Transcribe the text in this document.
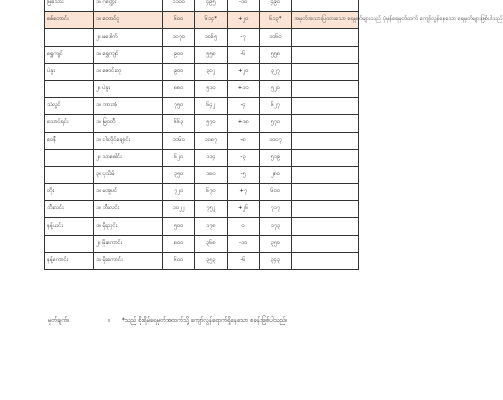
မြစ်သား	၁။ ဂဏ္ဍေး	၁၁၀၀	၄၉၅	-၁၀	၄၉၀	
စစ်တောင်း	၁။ တောင်ငူ	၆၀၀	၆၁၄*	+၂၀	၆၁၃*	အမှတ်အသားပြထားသော ရေမှတ်များသည် ပုံမှန်ရေမှတ်ထက် ကျော်လွန်နေသော ရေမှတ်များဖြစ်ပါသည်
	၂။ မဒေါက်	၁၀၇၀	၁၀၆၅	-၇	၁၀၆၀	
ရွှေကျင်	၁။ ရွှေကျင်	၉၀၀	၅၅၈	-၆	၅၅၈	
ပဲခူး	၁။ ဇောင်းတု	၉၀၀	၃၀၂	+၂၀	၃၂၇	
	၂။ ပဲခူး	၈၈၀	၅၁၀	+၁၀	၅၂၀	
သံလွင်	၁။ ဘားအံ	၇၅၀	၆၄၂	-၄	၆၂၇	
သောင်ရင်း	၁။ မြဝတီ	၆၆၃	၅၇၀	+၁၈	၅၇၀	
ဝေနီ	၁။ ငါးလိုင်ချောင်း	၁၀၆၀	၁၀၈၇	-၈	၁၀၀၇	
	၂။ သာဓေါင်း	၆၂၀	၁၁၄	-၃	၅၁၉	
	၃။ ပုသိမ်	၃၅၀	၁၈၀	-၅	၂၈၀	
တိုး	၁။ မအူပင်	၇၂၀	၆၇၀	+၇	၆၀၀	
ဘီးလင်း	၁။ ဘီးလင်း	၁၀၂၂	၇၅၂	+၂၆	၇၁၇	
နန့်ယင်း	၁။ မိုးညှင်း	၅၀၀	၁၇၈	၀	၁၇၃	
	၂။ မိုးကောင်း	၈၀၀	၃၆၈	-၁၀	၃၅၀	
နန့်ကောင်း	၁။ မိုးကောင်း	၆၀၀	၃၅၃	-၆	၃၄၃	
မှတ်ချက်။	။ *သည် စိုးရိမ်ရေမှတ်အထက်သို့ ကျော်လွန်ရောက်ရှိနေသော စခန်းဖြစ်ပါသည်။
